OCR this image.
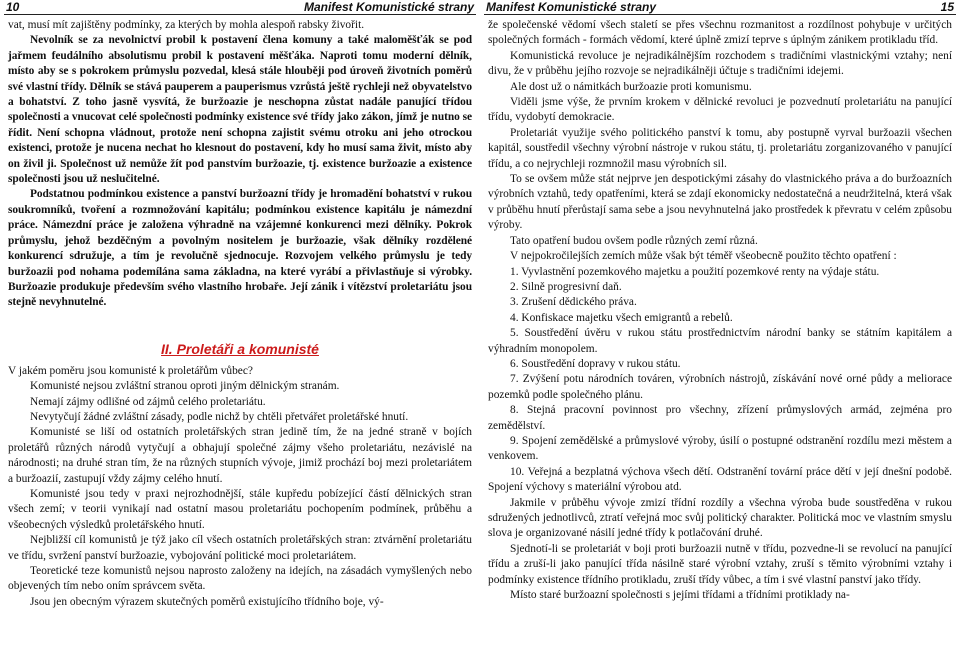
10	Manifest Komunistické strany

vat, musí mít zajištěny podmínky, za kterých by mohla alespoň rabsky živořit.

Nevolník se za nevolnictví probil k postavení člena komuny a také maloměšťák se pod jařmem feudálního absolutismu probil k postavení měšťáka. Naproti tomu moderní dělník, místo aby se s pokrokem průmyslu pozvedal, klesá stále hlouběji pod úroveň životních poměrů své vlastní třídy. Dělník se stává pauperem a pauperismus vzrůstá ještě rychleji než obyvatelstvo a bohatství. Z toho jasně vysvítá, že buržoazie je neschopna zůstat nadále panující třídou společnosti a vnucovat celé společnosti podmínky existence své třídy jako zákon, jímž je nutno se řídit. Není schopna vládnout, protože není schopna zajistit svému otroku ani jeho otrockou existenci, protože je nucena nechat ho klesnout do postavení, kdy ho musí sama živit, místo aby on živil ji. Společnost už nemůže žít pod panstvím buržoazie, tj. existence buržoazie a existence společnosti jsou už neslučitelné.

Podstatnou podmínkou existence a panství buržoazní třídy je hromadění bohatství v rukou soukromníků, tvoření a rozmnožování kapitálu; podmínkou existence kapitálu je námezdní práce. Námezdní práce je založena výhradně na vzájemné konkurenci mezi dělníky. Pokrok průmyslu, jehož bezděčným a povolným nositelem je buržoazie, však dělníky rozdělené konkurencí sdružuje, a tím je revolučně sjednocuje. Rozvojem velkého průmyslu je tedy buržoazii pod nohama podemílána sama základna, na které vyrábí a přivlastňuje si výrobky. Buržoazie produkuje především svého vlastního hrobaře. Její zánik i vítězství proletariátu jsou stejně nevyhnutelné.

II. Proletáři a komunisté

V jakém poměru jsou komunisté k proletářům vůbec?

Komunisté nejsou zvláštní stranou oproti jiným dělnickým stranám.

Nemají zájmy odlišné od zájmů celého proletariátu.

Nevytyčují žádné zvláštní zásady, podle nichž by chtěli přetvářet proletářské hnutí.

Komunisté se liší od ostatních proletářských stran jedině tím, že na jedné straně v bojích proletářů různých národů vytyčují a obhajují společné zájmy všeho proletariátu, nezávislé na národnosti; na druhé stran tím, že na různých stupních vývoje, jimiž prochází boj mezi proletariátem a buržoazií, zastupují vždy zájmy celého hnutí.

Komunisté jsou tedy v praxi nejrozhodnější, stále kupředu pobízející částí dělnických stran všech zemí; v teorii vynikají nad ostatní masou proletariátu pochopením podmínek, průběhu a všeobecných výsledků proletářského hnutí.

Nejbližší cíl komunistů je týž jako cíl všech ostatních proletářských stran: ztvárnění proletariátu ve třídu, svržení panství buržoazie, vybojování politické moci proletariátem.

Teoretické teze komunistů nejsou naprosto založeny na idejích, na zásadách vymyšlených nebo objevených tím nebo oním správcem světa.

Jsou jen obecným výrazem skutečných poměrů existujícího třídního boje, vý-

Manifest Komunistické strany	15

že společenské vědomí všech staletí se přes všechnu rozmanitost a rozdílnost pohybuje v určitých společných formách - formách vědomí, které úplně zmizí teprve s úplným zánikem protikladu tříd.

Komunistická revoluce je nejradikálnějším rozchodem s tradičními vlastnickými vztahy; není divu, že v průběhu jejího rozvoje se nejradikálněji účtuje s tradičními idejemi.

Ale dost už o námitkách buržoazie proti komunismu.

Viděli jsme výše, že prvním krokem v dělnické revoluci je pozvednutí proletariátu na panující třídu, vydobytí demokracie.

Proletariát využije svého politického panství k tomu, aby postupně vyrval buržoazii všechen kapitál, soustředil všechny výrobní nástroje v rukou státu, tj. proletariátu zorganizovaného v panující třídu, a co nejrychleji rozmnožil masu výrobních sil.

To se ovšem může stát nejprve jen despotickými zásahy do vlastnického práva a do buržoazních výrobních vztahů, tedy opatřeními, která se zdají ekonomicky nedostatečná a neudržitelná, která však v průběhu hnutí přerůstají sama sebe a jsou nevyhnutelná jako prostředek k převratu v celém způsobu výroby.

Tato opatření budou ovšem podle různých zemí různá.

V nejpokročilejších zemích může však být téměř všeobecně použito těchto opatření :

1. Vyvlastnění pozemkového majetku a použití pozemkové renty na výdaje státu.

2. Silně progresivní daň.

3. Zrušení dědického práva.

4. Konfiskace majetku všech emigrantů a rebelů.

5. Soustředění úvěru v rukou státu prostřednictvím národní banky se státním kapitálem a výhradním monopolem.

6. Soustředění dopravy v rukou státu.

7. Zvýšení potu národních továren, výrobních nástrojů, získávání nové orné půdy a meliorace pozemků podle společného plánu.

8. Stejná pracovní povinnost pro všechny, zřízení průmyslových armád, zejména pro zemědělství.

9. Spojení zemědělské a průmyslové výroby, úsilí o postupné odstranění rozdílu mezi městem a venkovem.

10. Veřejná a bezplatná výchova všech dětí. Odstranění tovární práce dětí v její dnešní podobě. Spojení výchovy s materiální výrobou atd.

Jakmile v průběhu vývoje zmizí třídní rozdíly a všechna výroba bude soustředěna v rukou sdružených jednotlivců, ztratí veřejná moc svůj politický charakter. Politická moc ve vlastním smyslu slova je organizované násilí jedné třídy k potlačování druhé.

Sjednotí-li se proletariát v boji proti buržoazii nutně v třídu, pozvedne-li se revolucí na panující třídu a zruší-li jako panující třída násilně staré výrobní vztahy, zruší s těmito výrobními vztahy i podmínky existence třídního protikladu, zruší třídy vůbec, a tím i své vlastní panství jako třídy.

Místo staré buržoazní společnosti s jejími třídami a třídními protiklady na-
